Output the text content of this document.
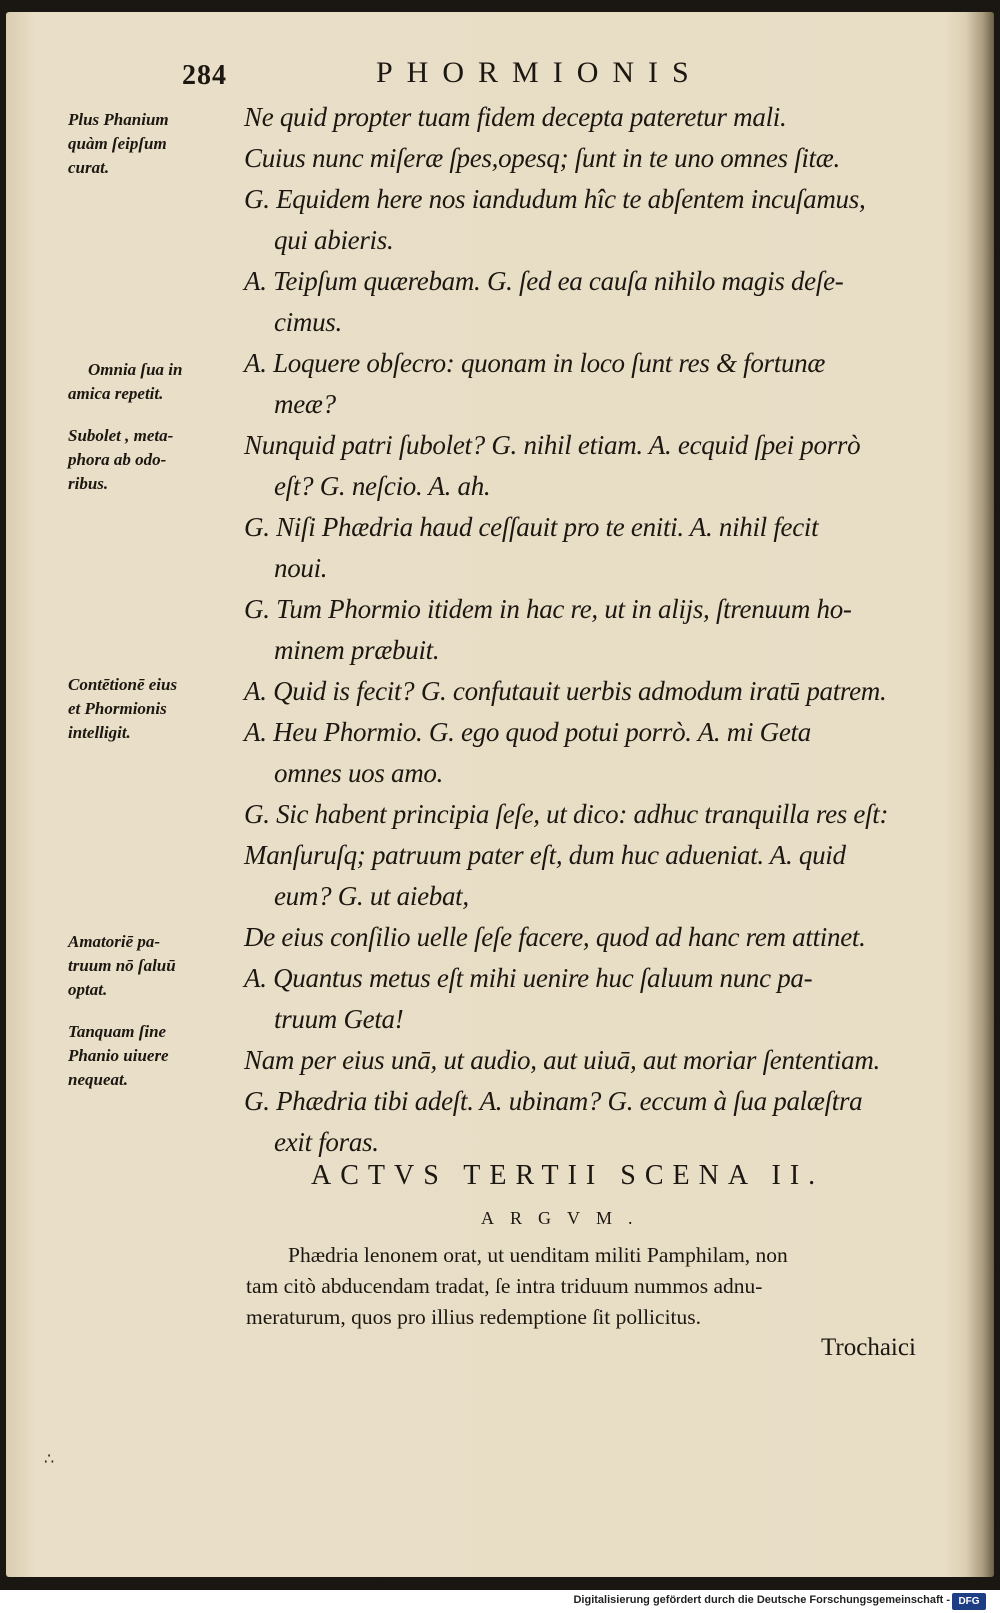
284	PHORMIONIS
Plus Phanium
quàm ſeipſum
curat.
Omnia ſua in
amica repetit.
Subolet , meta-
phora ab odo-
ribus.
Contētionē eius
et Phormionis
intelligit.
Amatoriē pa-
truum nō ſaluū
optat.
Tanquam ſine
Phanio uiuere
nequeat.
Ne quid propter tuam fidem decepta pateretur mali.
Cuius nunc miſeræ ſpes,opesq; ſunt in te uno omnes ſitæ.
G. Equidem here nos iandudum hîc te abſentem incuſamus,
qui abieris.
A. Teipſum quærebam. G. ſed ea cauſa nihilo magis deſe-
cimus.
A. Loquere obſecro: quonam in loco ſunt res & fortunæ
meæ?
Nunquid patri ſubolet? G. nihil etiam. A. ecquid ſpei porrò
eſt? G. neſcio. A. ah.
G. Niſi Phædria haud ceſſauit pro te eniti. A. nihil fecit
noui.
G. Tum Phormio itidem in hac re, ut in alijs, ſtrenuum ho-
minem præbuit.
A. Quid is fecit? G. confutauit uerbis admodum iratū patrem.
A. Heu Phormio. G. ego quod potui porrò. A. mi Geta
omnes uos amo.
G. Sic habent principia ſeſe, ut dico: adhuc tranquilla res eſt:
Manſuruſq; patruum pater eſt, dum huc adueniat. A. quid
eum? G. ut aiebat,
De eius conſilio uelle ſeſe facere, quod ad hanc rem attinet.
A. Quantus metus eſt mihi uenire huc ſaluum nunc pa-
truum Geta!
Nam per eius unā, ut audio, aut uiuā, aut moriar ſententiam.
G. Phædria tibi adeſt. A. ubinam? G. eccum à ſua palæſtra
exit foras.
ACTVS TERTII SCENA II.
ARGVM.
Phædria lenonem orat, ut uenditam militi Pamphilam, non
tam citò abducendam tradat, ſe intra triduum nummos adnu-
meraturum, quos pro illius redemptione ſit pollicitus.
Trochaici
∴
Digitalisierung gefördert durch die Deutsche Forschungsgemeinschaft - DFG
